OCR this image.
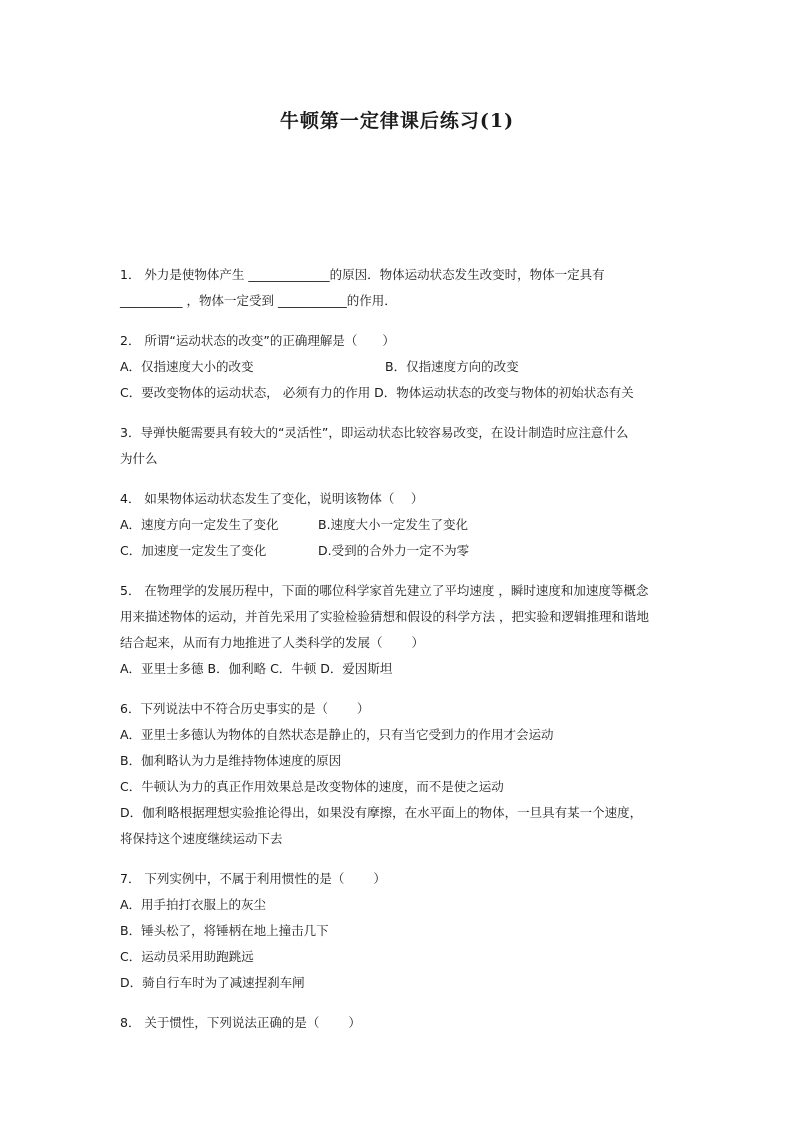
牛顿第一定律课后练习(1)
1． 外力是使物体产生 _____________的原因．物体运动状态发生改变时，物体一定具有
__________ ，物体一定受到 ___________的作用．
2． 所谓“运动状态的改变”的正确理解是（　　）
A．仅指速度大小的改变	B．仅指速度方向的改变
C．要改变物体的运动状态， 必须有力的作用 D．物体运动状态的改变与物体的初始状态有关
3．导弹快艇需要具有较大的“灵活性”，即运动状态比较容易改变，在设计制造时应注意什么
为什么
4． 如果物体运动状态发生了变化，说明该物体（　 ）
A．速度方向一定发生了变化	B.速度大小一定发生了变化
C．加速度一定发生了变化	D.受到的合外力一定不为零
5． 在物理学的发展历程中，下面的哪位科学家首先建立了平均速度 ，瞬时速度和加速度等概念
用来描述物体的运动，并首先采用了实验检验猜想和假设的科学方法 ，把实验和逻辑推理和谐地
结合起来，从而有力地推进了人类科学的发展（　　 ）
A．亚里士多德 B．伽利略 C．牛顿 D．爱因斯坦
6．下列说法中不符合历史事实的是（　　 ）
A．亚里士多德认为物体的自然状态是静止的，只有当它受到力的作用才会运动
B．伽利略认为力是维持物体速度的原因
C．牛顿认为力的真正作用效果总是改变物体的速度，而不是使之运动
D．伽利略根据理想实验推论得出，如果没有摩擦，在水平面上的物体，一旦具有某一个速度，
将保持这个速度继续运动下去
7． 下列实例中，不属于利用惯性的是（　　 ）
A．用手拍打衣服上的灰尘
B．锤头松了，将锤柄在地上撞击几下
C．运动员采用助跑跳远
D．骑自行车时为了减速捏刹车闸
8． 关于惯性，下列说法正确的是（　　 ）
